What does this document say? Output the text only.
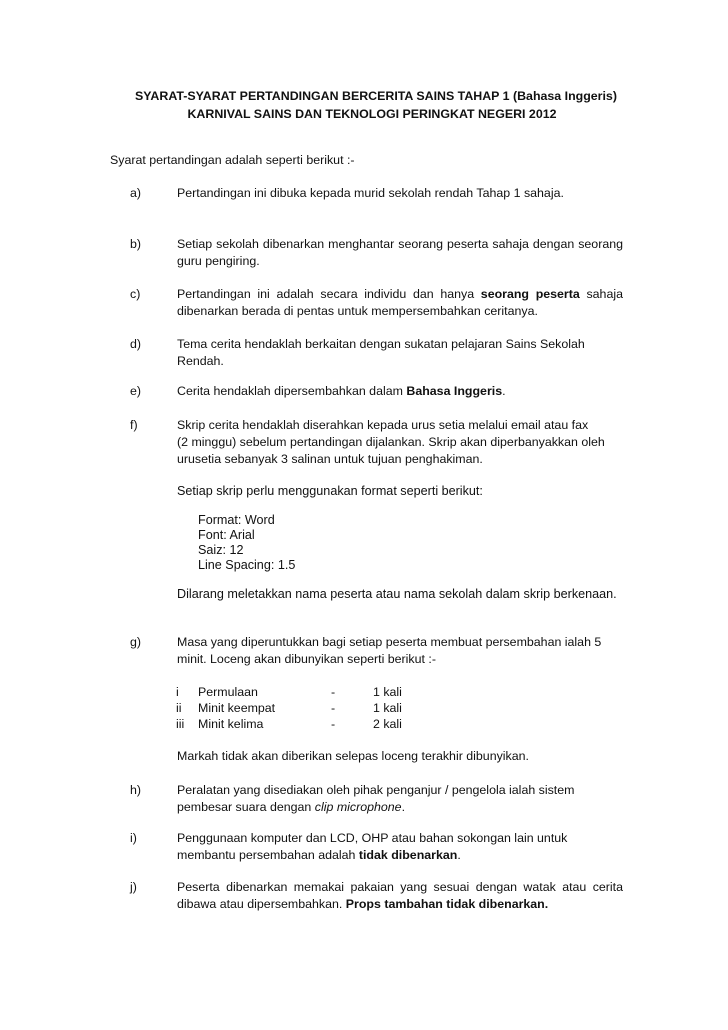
SYARAT-SYARAT PERTANDINGAN BERCERITA SAINS TAHAP 1 (Bahasa Inggeris)
KARNIVAL SAINS DAN TEKNOLOGI PERINGKAT NEGERI 2012
Syarat pertandingan adalah seperti berikut :-
a)	Pertandingan ini dibuka kepada murid sekolah rendah Tahap 1 sahaja.
b)	Setiap sekolah dibenarkan menghantar seorang peserta sahaja dengan seorang
guru pengiring.
c)	Pertandingan ini adalah secara individu dan hanya seorang peserta sahaja
dibenarkan berada di pentas untuk mempersembahkan ceritanya.
d)	Tema cerita hendaklah berkaitan dengan sukatan pelajaran Sains Sekolah
Rendah.
e)	Cerita hendaklah dipersembahkan dalam Bahasa Inggeris.
f)	Skrip cerita hendaklah diserahkan kepada urus setia melalui email atau fax
(2 minggu) sebelum pertandingan dijalankan. Skrip akan diperbanyakkan oleh
urusetia sebanyak 3 salinan untuk tujuan penghakiman.
Setiap skrip perlu menggunakan format seperti berikut:
Format: Word
Font: Arial
Saiz: 12
Line Spacing: 1.5
Dilarang meletakkan nama peserta atau nama sekolah dalam skrip berkenaan.
g)	Masa yang diperuntukkan bagi setiap peserta membuat persembahan ialah 5
minit. Loceng akan dibunyikan seperti berikut :-
i Permulaan	-	1 kali
ii Minit keempat	-	1 kali
iii Minit kelima	-	2 kali
Markah tidak akan diberikan selepas loceng terakhir dibunyikan.
h)	Peralatan yang disediakan oleh pihak penganjur / pengelola ialah sistem
pembesar suara dengan clip microphone.
i)	Penggunaan komputer dan LCD, OHP atau bahan sokongan lain untuk
membantu persembahan adalah tidak dibenarkan.
j)	Peserta dibenarkan memakai pakaian yang sesuai dengan watak atau cerita
dibawa atau dipersembahkan. Props tambahan tidak dibenarkan.
